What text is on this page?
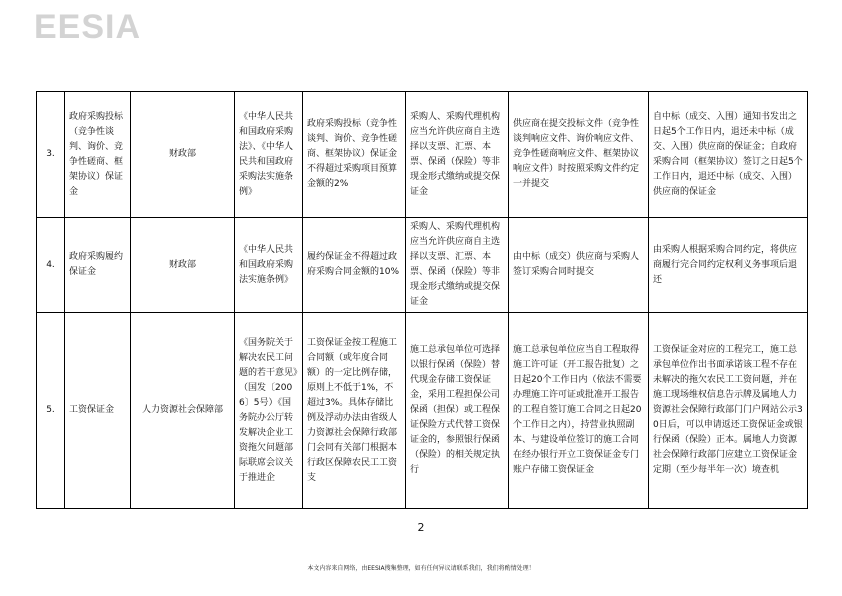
EESIA
3.	政府采购投标（竞争性谈判、询价、竞争性磋商、框架协议）保证金	财政部	《中华人民共和国政府采购法》、《中华人民共和国政府采购法实施条例》	政府采购投标（竞争性谈判、询价、竞争性磋商、框架协议）保证金不得超过采购项目预算金额的2%	采购人、采购代理机构应当允许供应商自主选择以支票、汇票、本票、保函（保险）等非现金形式缴纳或提交保证金	供应商在提交投标文件（竞争性谈判响应文件、询价响应文件、竞争性磋商响应文件、框架协议响应文件）时按照采购文件约定一并提交	自中标（成交、入围）通知书发出之日起5个工作日内，退还未中标（成交、入围）供应商的保证金；自政府采购合同（框架协议）签订之日起5个工作日内，退还中标（成交、入围）供应商的保证金
4.	政府采购履约保证金	财政部	《中华人民共和国政府采购法实施条例》	履约保证金不得超过政府采购合同金额的10%	采购人、采购代理机构应当允许供应商自主选择以支票、汇票、本票、保函（保险）等非现金形式缴纳或提交保证金	由中标（成交）供应商与采购人签订采购合同时提交	由采购人根据采购合同约定，将供应商履行完合同约定权利义务事项后退还
5.	工资保证金	人力资源社会保障部	《国务院关于解决农民工问题的若干意见》（国发〔2006〕5号）《国务院办公厅转发解决企业工资拖欠问题部际联席会议关于推进企	工资保证金按工程施工合同额（或年度合同额）的一定比例存储，原则上不低于1%，不超过3%。具体存储比例及浮动办法由省级人力资源社会保障行政部门会同有关部门根据本行政区保障农民工工资支	施工总承包单位可选择以银行保函（保险）替代现金存储工资保证金，采用工程担保公司保函（担保）或工程保证保险方式代替工资保证金的，参照银行保函（保险）的相关规定执行	施工总承包单位应当自工程取得施工许可证（开工报告批复）之日起20个工作日内（依法不需要办理施工许可证或批准开工报告的工程自签订施工合同之日起20个工作日之内），持营业执照副本、与建设单位签订的施工合同在经办银行开立工资保证金专门账户存储工资保证金	工资保证金对应的工程完工，施工总承包单位作出书面承诺该工程不存在未解决的拖欠农民工工资问题，并在施工现场维权信息告示牌及属地人力资源社会保障行政部门门户网站公示30日后，可以申请返还工资保证金或银行保函（保险）正本。属地人力资源社会保障行政部门应建立工资保证金定期（至少每半年一次）境查机
2
本文内容来自网络，由EESIA搜集整理，如有任何异议请联系我们，我们将酌情处理！
